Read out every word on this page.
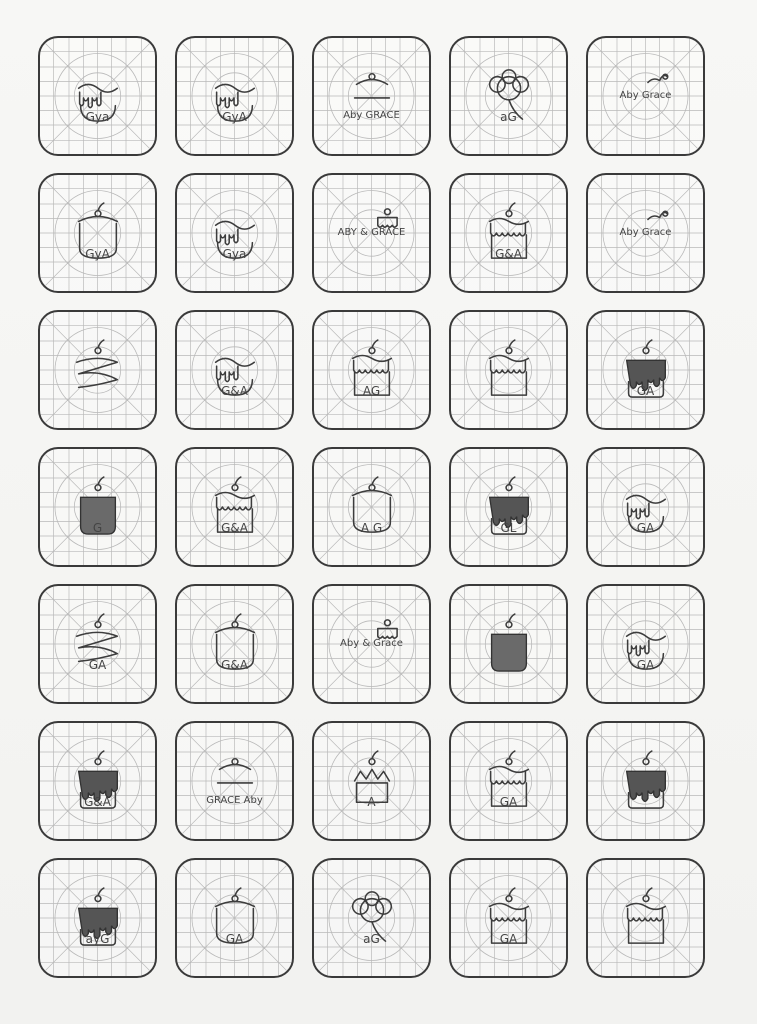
Gya	GyA	Aby GRACE	aG
Aby Grace
GyA	Gya
ABY & GRACE
G&A
Aby Grace
G&A	AG	GA
G	G&A	A G	GL	GA
GA	G&A
Aby & Grace
GA
G&A	GRACE Aby	A	GA
ayG	GA	aG	GA
